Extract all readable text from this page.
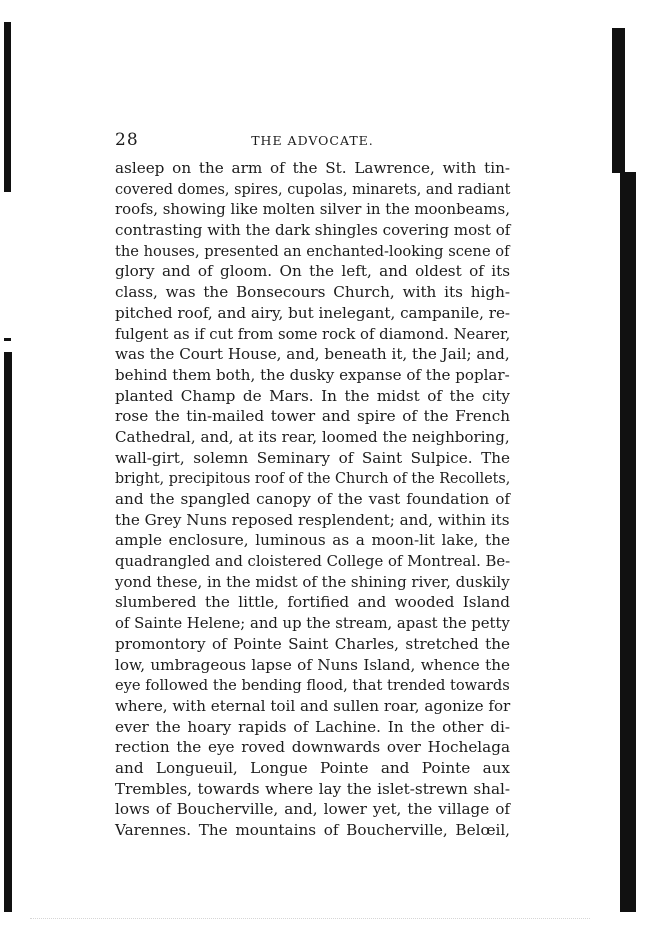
28	THE ADVOCATE.
asleep on the arm of the St. Lawrence, with tin-
covered domes, spires, cupolas, minarets, and radiant
roofs, showing like molten silver in the moonbeams,
contrasting with the dark shingles covering most of
the houses, presented an enchanted-looking scene of
glory and of gloom. On the left, and oldest of its
class, was the Bonsecours Church, with its high-
pitched roof, and airy, but inelegant, campanile, re-
fulgent as if cut from some rock of diamond. Nearer,
was the Court House, and, beneath it, the Jail; and,
behind them both, the dusky expanse of the poplar-
planted Champ de Mars. In the midst of the city
rose the tin-mailed tower and spire of the French
Cathedral, and, at its rear, loomed the neighboring,
wall-girt, solemn Seminary of Saint Sulpice. The
bright, precipitous roof of the Church of the Recollets,
and the spangled canopy of the vast foundation of
the Grey Nuns reposed resplendent; and, within its
ample enclosure, luminous as a moon-lit lake, the
quadrangled and cloistered College of Montreal. Be-
yond these, in the midst of the shining river, duskily
slumbered the little, fortified and wooded Island
of Sainte Helene; and up the stream, apast the petty
promontory of Pointe Saint Charles, stretched the
low, umbrageous lapse of Nuns Island, whence the
eye followed the bending flood, that trended towards
where, with eternal toil and sullen roar, agonize for
ever the hoary rapids of Lachine. In the other di-
rection the eye roved downwards over Hochelaga
and Longueuil, Longue Pointe and Pointe aux
Trembles, towards where lay the islet-strewn shal-
lows of Boucherville, and, lower yet, the village of
Varennes. The mountains of Boucherville, Belœil,
